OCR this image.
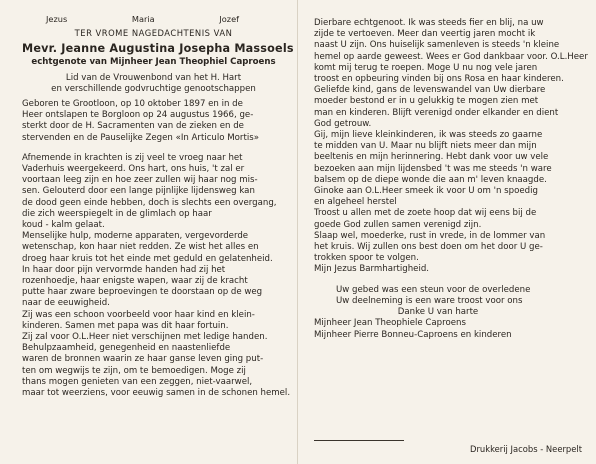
Jezus	Maria	Jozef
TER VROME NAGEDACHTENIS VAN
Mevr. Jeanne Augustina Josepha Massoels
echtgenote van Mijnheer Jean Theophiel Caproens
Lid van de Vrouwenbond van het H. Hart
en verschillende godvruchtige genootschappen
Geboren te Grootloon, op 10 oktober 1897 en in de
Heer ontslapen te Borgloon op 24 augustus 1966, ge-
sterkt door de H. Sacramenten van de zieken en de
stervenden en de Pauselijke Zegen «In Articulo Mortis»
Afnemende in krachten is zij veel te vroeg naar het
Vaderhuis weergekeerd. Ons hart, ons huis, 't zal er
voortaan leeg zijn en hoe zeer zullen wij haar nog mis-
sen. Gelouterd door een lange pijnlijke lijdensweg kan
de dood geen einde hebben, doch is slechts een overgang,
die zich weerspiegelt in de glimlach op haar
koud - kalm gelaat.
Menselijke hulp, moderne apparaten, vergevorderde
wetenschap, kon haar niet redden. Ze wist het alles en
droeg haar kruis tot het einde met geduld en gelatenheid.
In haar door pijn vervormde handen had zij het
rozenhoedje, haar enigste wapen, waar zij de kracht
putte haar zware beproevingen te doorstaan op de weg
naar de eeuwigheid.
Zij was een schoon voorbeeld voor haar kind en klein-
kinderen. Samen met papa was dit haar fortuin.
Zij zal voor O.L.Heer niet verschijnen met ledige handen.
Behulpzaamheid, genegenheid en naastenliefde
waren de bronnen waarin ze haar ganse leven ging put-
ten om wegwijs te zijn, om te bemoedigen. Moge zij
thans mogen genieten van een zeggen, niet-vaarwel,
maar tot weerziens, voor eeuwig samen in de schonen hemel.
Dierbare echtgenoot. Ik was steeds fier en blij, na uw
zijde te vertoeven. Meer dan veertig jaren mocht ik
naast U zijn. Ons huiselijk samenleven is steeds 'n kleine
hemel op aarde geweest. Wees er God dankbaar voor. O.L.Heer
komt mij terug te roepen. Moge U nu nog vele jaren
troost en opbeuring vinden bij ons Rosa en haar kinderen.
Geliefde kind, gans de levenswandel van Uw dierbare
moeder bestond er in u gelukkig te mogen zien met
man en kinderen. Blijft verenigd onder elkander en dient
God getrouw.
Gij, mijn lieve kleinkinderen, ik was steeds zo gaarne
te midden van U. Maar nu blijft niets meer dan mijn
beeltenis en mijn herinnering. Hebt dank voor uw vele
bezoeken aan mijn lijdensbed 't was me steeds 'n ware
balsem op de diepe wonde die aan m' leven knaagde.
Ginoke aan O.L.Heer smeek ik voor U om 'n spoedig
en algeheel herstel
Troost u allen met de zoete hoop dat wij eens bij de
goede God zullen samen verenigd zijn.
Slaap wel, moederke, rust in vrede, in de lommer van
het kruis. Wij zullen ons best doen om het door U ge-
trokken spoor te volgen.
Mijn Jezus Barmhartigheid.
Uw gebed was een steun voor de overledene
Uw deelneming is een ware troost voor ons
Danke U van harte
Mijnheer Jean Theophiele Caproens
Mijnheer Pierre Bonneu-Caproens en kinderen
Drukkerij Jacobs - Neerpelt
